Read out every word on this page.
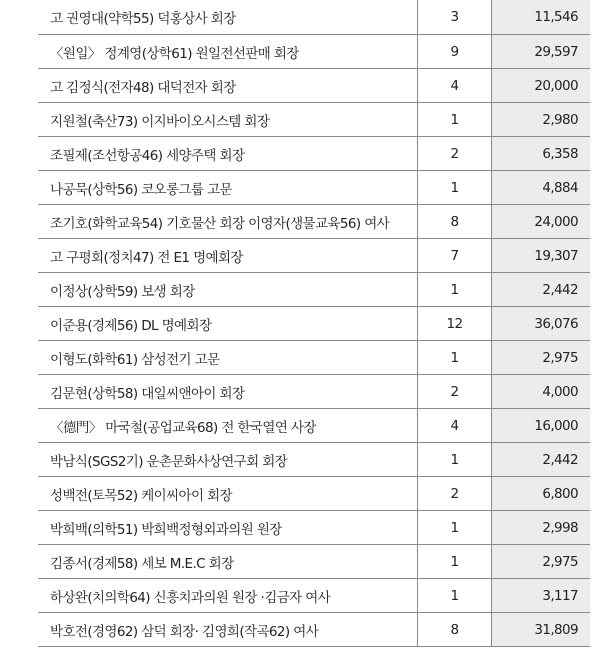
고 권영대(약학55) 덕홍상사 회장	3	11,546
〈원일〉 정계영(상학61) 원일전선판매 회장	9	29,597
고 김정식(전자48) 대덕전자 회장	4	20,000
지원철(축산73) 이지바이오시스템 회장	1	2,980
조필제(조선항공46) 세양주택 회장	2	6,358
나공묵(상학56) 코오롱그룹 고문	1	4,884
조기호(화학교육54) 기호물산 회장 이영자(생물교육56) 여사	8	24,000
고 구평회(정치47) 전 E1 명예회장	7	19,307
이정상(상학59) 보생 회장	1	2,442
이준용(경제56) DL 명예회장	12	36,076
이형도(화학61) 삼성전기 고문	1	2,975
김문현(상학58) 대일씨앤아이 회장	2	4,000
〈德門〉 마국철(공업교육68) 전 한국열연 사장	4	16,000
박남식(SGS2기) 운촌문화사상연구회 회장	1	2,442
성백전(토목52) 케이씨아이 회장	2	6,800
박희백(의학51) 박희백정형외과의원 원장	1	2,998
김종서(경제58) 세보 M.E.C 회장	1	2,975
하상완(치의학64) 신흥치과의원 원장 ·김금자 여사	1	3,117
박호전(경영62) 삼덕 회장· 김영희(작곡62) 여사	8	31,809
